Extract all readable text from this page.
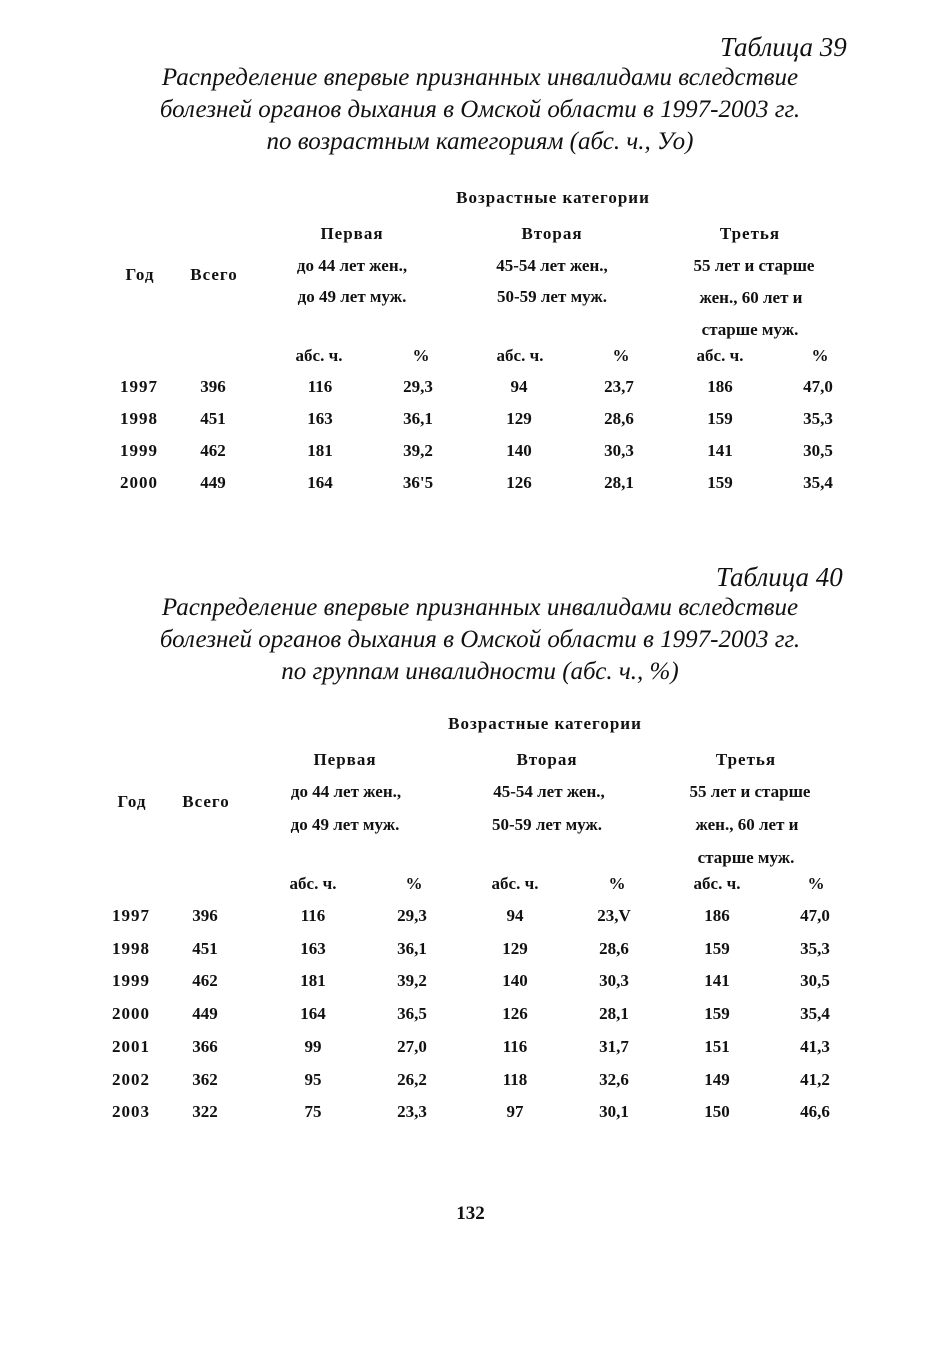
Таблица 39
Распределение впервые признанных инвалидами вследствие
болезней органов дыхания в Омской области в 1997-2003 гг.
по возрастным категориям (абс. ч., Уо)
Возрастные категории
Год Всего
Первая
до 44 лет жен.,
до 49 лет муж.
Вторая
45-54 лет жен.,
50-59 лет муж.
Третья
55 лет и старше
жен., 60 лет и
старше муж.
абс. ч.	%	абс. ч.	%	абс. ч.	%
1997 396	116	29,3	94	23,7	186	47,0
1998 451	163	36,1	129	28,6	159	35,3
1999 462	181	39,2	140	30,3	141	30,5
2000 449	164	36'5	126	28,1	159	35,4
Таблица 40
Распределение впервые признанных инвалидами вследствие
болезней органов дыхания в Омской области в 1997-2003 гг.
по группам инвалидности (абс. ч., %)
Возрастные категории
Год Всего
Первая
до 44 лет жен.,
до 49 лет муж.
Вторая
45-54 лет жен.,
50-59 лет муж.
Третья
55 лет и старше
жен., 60 лет и
старше муж.
абс. ч.	%	абс. ч.	%	абс. ч.	%
1997 396	116	29,3	94	23,V	186	47,0
1998 451	163	36,1	129	28,6	159	35,3
1999 462	181	39,2	140	30,3	141	30,5
2000 449	164	36,5	126	28,1	159	35,4
2001 366	99	27,0	116	31,7	151	41,3
2002 362	95	26,2	118	32,6	149	41,2
2003 322	75	23,3	97	30,1	150	46,6
132
